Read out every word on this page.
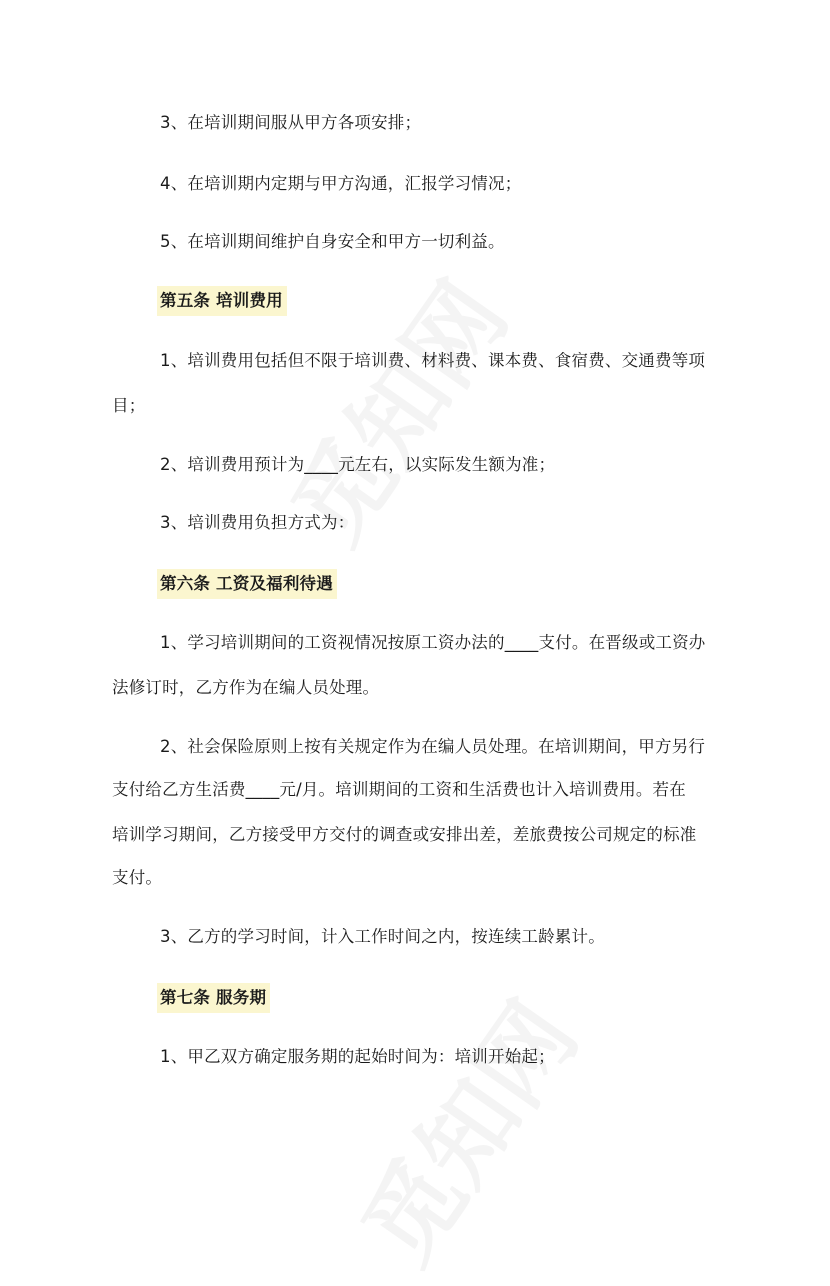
3、在培训期间服从甲方各项安排；
4、在培训期内定期与甲方沟通，汇报学习情况；
5、在培训期间维护自身安全和甲方一切利益。
第五条 培训费用
1、培训费用包括但不限于培训费、材料费、课本费、食宿费、交通费等项
目；
2、培训费用预计为____元左右，以实际发生额为准；
3、培训费用负担方式为：
第六条 工资及福利待遇
1、学习培训期间的工资视情况按原工资办法的____支付。在晋级或工资办
法修订时，乙方作为在编人员处理。
2、社会保险原则上按有关规定作为在编人员处理。在培训期间，甲方另行
支付给乙方生活费____元/月。培训期间的工资和生活费也计入培训费用。若在
培训学习期间，乙方接受甲方交付的调查或安排出差，差旅费按公司规定的标准
支付。
3、乙方的学习时间，计入工作时间之内，按连续工龄累计。
第七条 服务期
1、甲乙双方确定服务期的起始时间为：培训开始起；
